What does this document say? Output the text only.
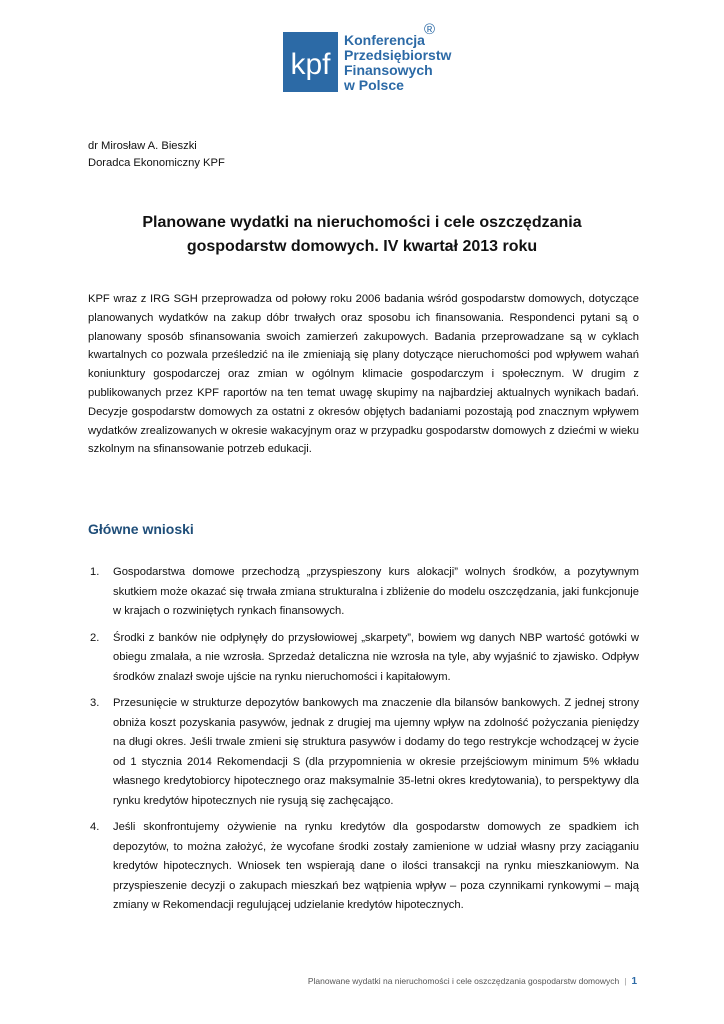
kpf
Konferencja
Przedsiębiorstw
Finansowych
w Polsce
®
dr Mirosław A. Bieszki
Doradca Ekonomiczny KPF
Planowane wydatki na nieruchomości i cele oszczędzania
gospodarstw domowych. IV kwartał 2013 roku

KPF wraz z IRG SGH przeprowadza od połowy roku 2006 badania wśród gospodarstw domowych, dotyczące planowanych wydatków na zakup dóbr trwałych oraz sposobu ich finansowania. Respondenci pytani są o planowany sposób sfinansowania swoich zamierzeń zakupowych. Badania przeprowadzane są w cyklach kwartalnych co pozwala prześledzić na ile zmieniają się plany dotyczące nieruchomości pod wpływem wahań koniunktury gospodarczej oraz zmian w ogólnym klimacie gospodarczym i społecznym. W drugim z publikowanych przez KPF raportów na ten temat uwagę skupimy na najbardziej aktualnych wynikach badań. Decyzje gospodarstw domowych za ostatni z okresów objętych badaniami pozostają pod znacznym wpływem wydatków zrealizowanych w okresie wakacyjnym oraz w przypadku gospodarstw domowych z dziećmi w wieku szkolnym na sfinansowanie potrzeb edukacji.

Główne wnioski
1. Gospodarstwa domowe przechodzą „przyspieszony kurs alokacji” wolnych środków, a pozytywnym skutkiem może okazać się trwała zmiana strukturalna i zbliżenie do modelu oszczędzania, jaki funkcjonuje w krajach o rozwiniętych rynkach finansowych.
2. Środki z banków nie odpłynęły do przysłowiowej „skarpety”, bowiem wg danych NBP wartość gotówki w obiegu zmalała, a nie wzrosła. Sprzedaż detaliczna nie wzrosła na tyle, aby wyjaśnić to zjawisko. Odpływ środków znalazł swoje ujście na rynku nieruchomości i kapitałowym.
3. Przesunięcie w strukturze depozytów bankowych ma znaczenie dla bilansów bankowych. Z jednej strony obniża koszt pozyskania pasywów, jednak z drugiej ma ujemny wpływ na zdolność pożyczania pieniędzy na długi okres. Jeśli trwale zmieni się struktura pasywów i dodamy do tego restrykcje wchodzącej w życie od 1 stycznia 2014 Rekomendacji S (dla przypomnienia w okresie przejściowym minimum 5% wkładu własnego kredytobiorcy hipotecznego oraz maksymalnie 35-letni okres kredytowania), to perspektywy dla rynku kredytów hipotecznych nie rysują się zachęcająco.
4. Jeśli skonfrontujemy ożywienie na rynku kredytów dla gospodarstw domowych ze spadkiem ich depozytów, to można założyć, że wycofane środki zostały zamienione w udział własny przy zaciąganiu kredytów hipotecznych. Wniosek ten wspierają dane o ilości transakcji na rynku mieszkaniowym. Na przyspieszenie decyzji o zakupach mieszkań bez wątpienia wpływ – poza czynnikami rynkowymi – mają zmiany w Rekomendacji regulującej udzielanie kredytów hipotecznych.
Planowane wydatki na nieruchomości i cele oszczędzania gospodarstw domowych | 1
